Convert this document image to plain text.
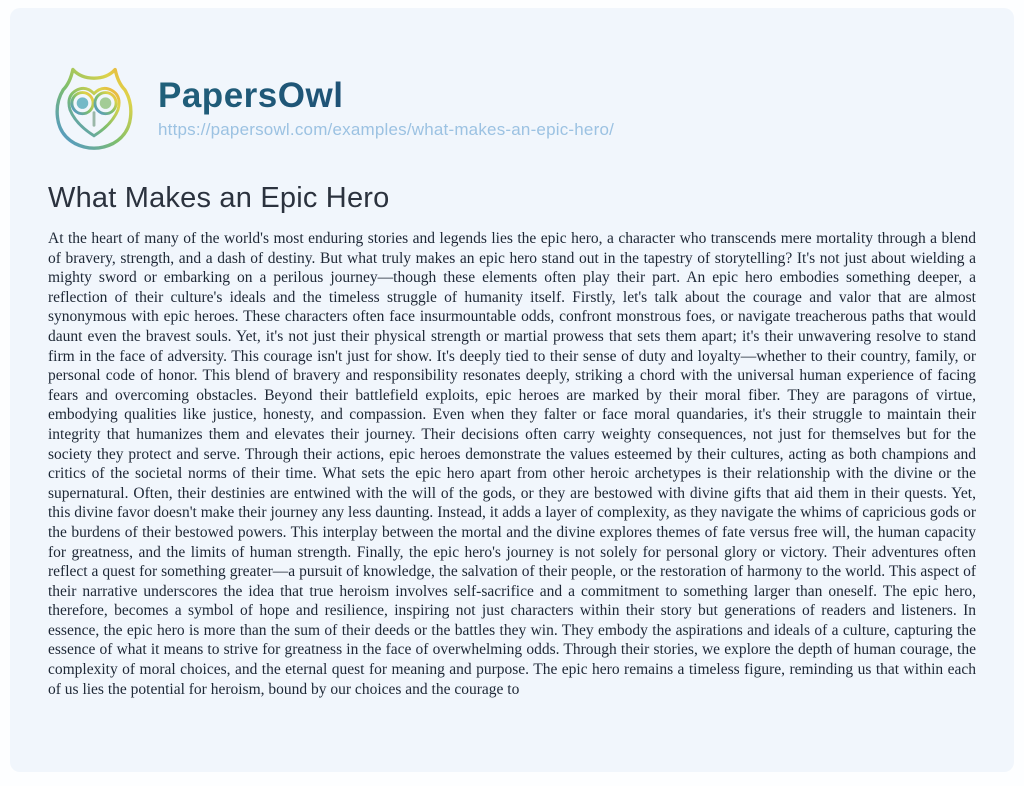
PapersOwl
https://papersowl.com/examples/what-makes-an-epic-hero/
What Makes an Epic Hero

At the heart of many of the world's most enduring stories and legends lies the epic hero, a character who transcends mere mortality through a blend of bravery, strength, and a dash of destiny. But what truly makes an epic hero stand out in the tapestry of storytelling? It's not just about wielding a mighty sword or embarking on a perilous journey—though these elements often play their part. An epic hero embodies something deeper, a reflection of their culture's ideals and the timeless struggle of humanity itself. Firstly, let's talk about the courage and valor that are almost synonymous with epic heroes. These characters often face insurmountable odds, confront monstrous foes, or navigate treacherous paths that would daunt even the bravest souls. Yet, it's not just their physical strength or martial prowess that sets them apart; it's their unwavering resolve to stand firm in the face of adversity. This courage isn't just for show. It's deeply tied to their sense of duty and loyalty—whether to their country, family, or personal code of honor. This blend of bravery and responsibility resonates deeply, striking a chord with the universal human experience of facing fears and overcoming obstacles. Beyond their battlefield exploits, epic heroes are marked by their moral fiber. They are paragons of virtue, embodying qualities like justice, honesty, and compassion. Even when they falter or face moral quandaries, it's their struggle to maintain their integrity that humanizes them and elevates their journey. Their decisions often carry weighty consequences, not just for themselves but for the society they protect and serve. Through their actions, epic heroes demonstrate the values esteemed by their cultures, acting as both champions and critics of the societal norms of their time. What sets the epic hero apart from other heroic archetypes is their relationship with the divine or the supernatural. Often, their destinies are entwined with the will of the gods, or they are bestowed with divine gifts that aid them in their quests. Yet, this divine favor doesn't make their journey any less daunting. Instead, it adds a layer of complexity, as they navigate the whims of capricious gods or the burdens of their bestowed powers. This interplay between the mortal and the divine explores themes of fate versus free will, the human capacity for greatness, and the limits of human strength. Finally, the epic hero's journey is not solely for personal glory or victory. Their adventures often reflect a quest for something greater—a pursuit of knowledge, the salvation of their people, or the restoration of harmony to the world. This aspect of their narrative underscores the idea that true heroism involves self-sacrifice and a commitment to something larger than oneself. The epic hero, therefore, becomes a symbol of hope and resilience, inspiring not just characters within their story but generations of readers and listeners. In essence, the epic hero is more than the sum of their deeds or the battles they win. They embody the aspirations and ideals of a culture, capturing the essence of what it means to strive for greatness in the face of overwhelming odds. Through their stories, we explore the depth of human courage, the complexity of moral choices, and the eternal quest for meaning and purpose. The epic hero remains a timeless figure, reminding us that within each of us lies the potential for heroism, bound by our choices and the courage to
